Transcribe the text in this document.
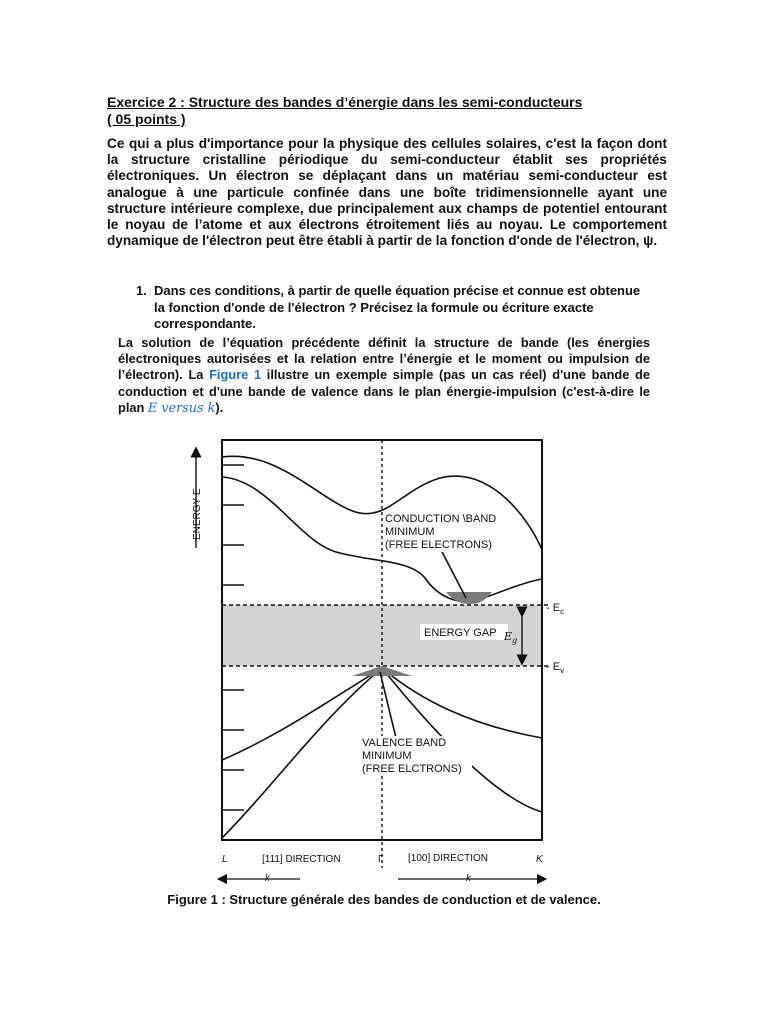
Exercice 2 : Structure des bandes d’énergie dans les semi-conducteurs
( 05 points )
Ce qui a plus d'importance pour la physique des cellules solaires, c'est la façon dont la structure cristalline périodique du semi-conducteur établit ses propriétés électroniques. Un électron se déplaçant dans un matériau semi-conducteur est analogue à une particule confinée dans une boîte tridimensionnelle ayant une structure intérieure complexe, due principalement aux champs de potentiel entourant le noyau de l’atome et aux électrons étroitement liés au noyau. Le comportement dynamique de l'électron peut être établi à partir de la fonction d'onde de l'électron, ψ.
1. Dans ces conditions, à partir de quelle équation précise et connue est obtenue la fonction d'onde de l'électron ? Précisez la formule ou écriture exacte correspondante.
La solution de l’équation précédente définit la structure de bande (les énergies électroniques autorisées et la relation entre l’énergie et le moment ou impulsion de l’électron). La Figure 1 illustre un exemple simple (pas un cas réel) d'une bande de conduction et d'une bande de valence dans le plan énergie-impulsion (c'est-à-dire le plan E versus k).
CONDUCTION \BAND
MINIMUM
(FREE ELECTRONS)
ENERGY GAP $E_g$
- $E_c$
- $E_v$
VALENCE BAND
MINIMUM
(FREE ELCTRONS)
ENERGY E
L	[111] DIRECTION	Γ [100] DIRECTION	K
k	k
Figure 1 : Structure générale des bandes de conduction et de valence.
